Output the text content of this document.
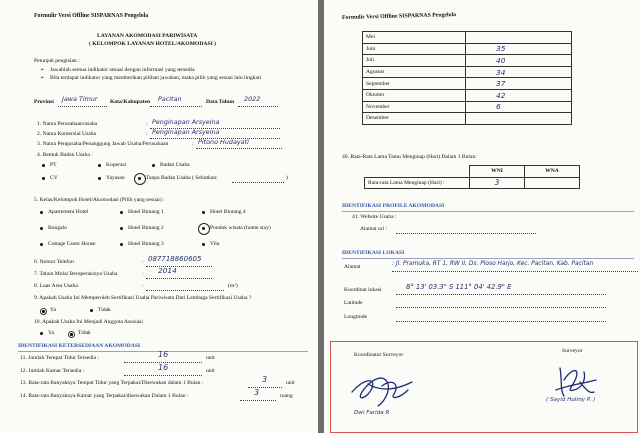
Formulir Versi Offline SISPARNAS Pengelola
LAYANAN AKOMODASI PARIWISATA
( KELOMPOK LAYANAN HOTEL/AKOMODASI )
Petunjuk pengisian :
➢ Jawablah semua indikator sesuai dengan informasi yang tersedia
➢ Bila terdapat indikator yang memberikan pilihan jawaban, maka pilih yang sesuai lalu lingkari
Provinsi Jawa Timur Kota/Kabupaten Pacitan	Data Tahun 2022
1. Nama Perusahaan/usaha	: Penginapan Arsyeina
2. Nama Komersial Usaha	: Penginapan Arsyeina
3. Nama Pengusaha/Penanggung Jawab Usaha/Perusahaan	: Pitono Hudayati
4. Bentuk Badan Usaha :
PT	Koperasi	Badan Usaha
CV	Yayasan	Tanpa Badan Usaha ( Sebutkan:	)
5. Kelas/Kelompok Hotel/Akomodasi (Pilih yang sesuai) :
Apartement Hotel	Hotel Bintang 1	Hotel Bintang 4
Bungalo	Hotel Bintang 2	Pondok wisata (home stay)
Cottage Guest House	Hotel Bintang 3	Vila
6. Nomor Telefon	: 087718860605
7. Tahun Mulai Beroperasinya Usaha	: 2014
8. Luas Area Usaha	:	(m²)
9. Apakah Usaha Ini Memperoleh Sertifikasi Usaha Pariwisata Dari Lembaga Sertifikasi Usaha ?
Ya	Tidak
10. Apakah Usaha Ini Menjadi Anggota Asosiasi
Ya	Tidak
IDENTIFIKASI KETERSEDIAAN AKOMODASI
11. Jumlah Tempat Tidur Tersedia :	16	unit
12. Jumlah Kamar Tersedia :	16	unit
13. Rata-rata Banyaknya Tempat Tidur yang Terpakai/Disewakan dalam 1 Bulan :	3	unit
14. Rata-rata Banyaknya Kamar yang Terpakai/disewakan Dalam 1 Bulan :	3	ruang
Formulir Versi Offline SISPARNAS Pengelola
Mei	
Juni	35
Juli	40
Agustus	34
September	37
Oktober	42
November	6
Desember	
40. Rata-Rata Lama Tamu Menginap (Hari) Dalam 1 Bulan:
	WNI	WNA
Rata-rata Lama Menginap (Hari) :	3	
IDENTIFIKASI PROFILE AKOMODASI
41. Website Usaha :
Alamat url :
IDENTIFIKASI LOKASI
Alamat	: Jl. Pramuka, RT 1, RW II, Ds. Ploso Harjo, Kec. Pacitan, Kab. Pacitan
Koordinat lokasi	8° 13' 03.3" S 111° 04' 42.9" E
Latitude
Longitude
Koordinator Surveyor
Dwi Farida R
Surveyor
( Sayid Holmy P. )
